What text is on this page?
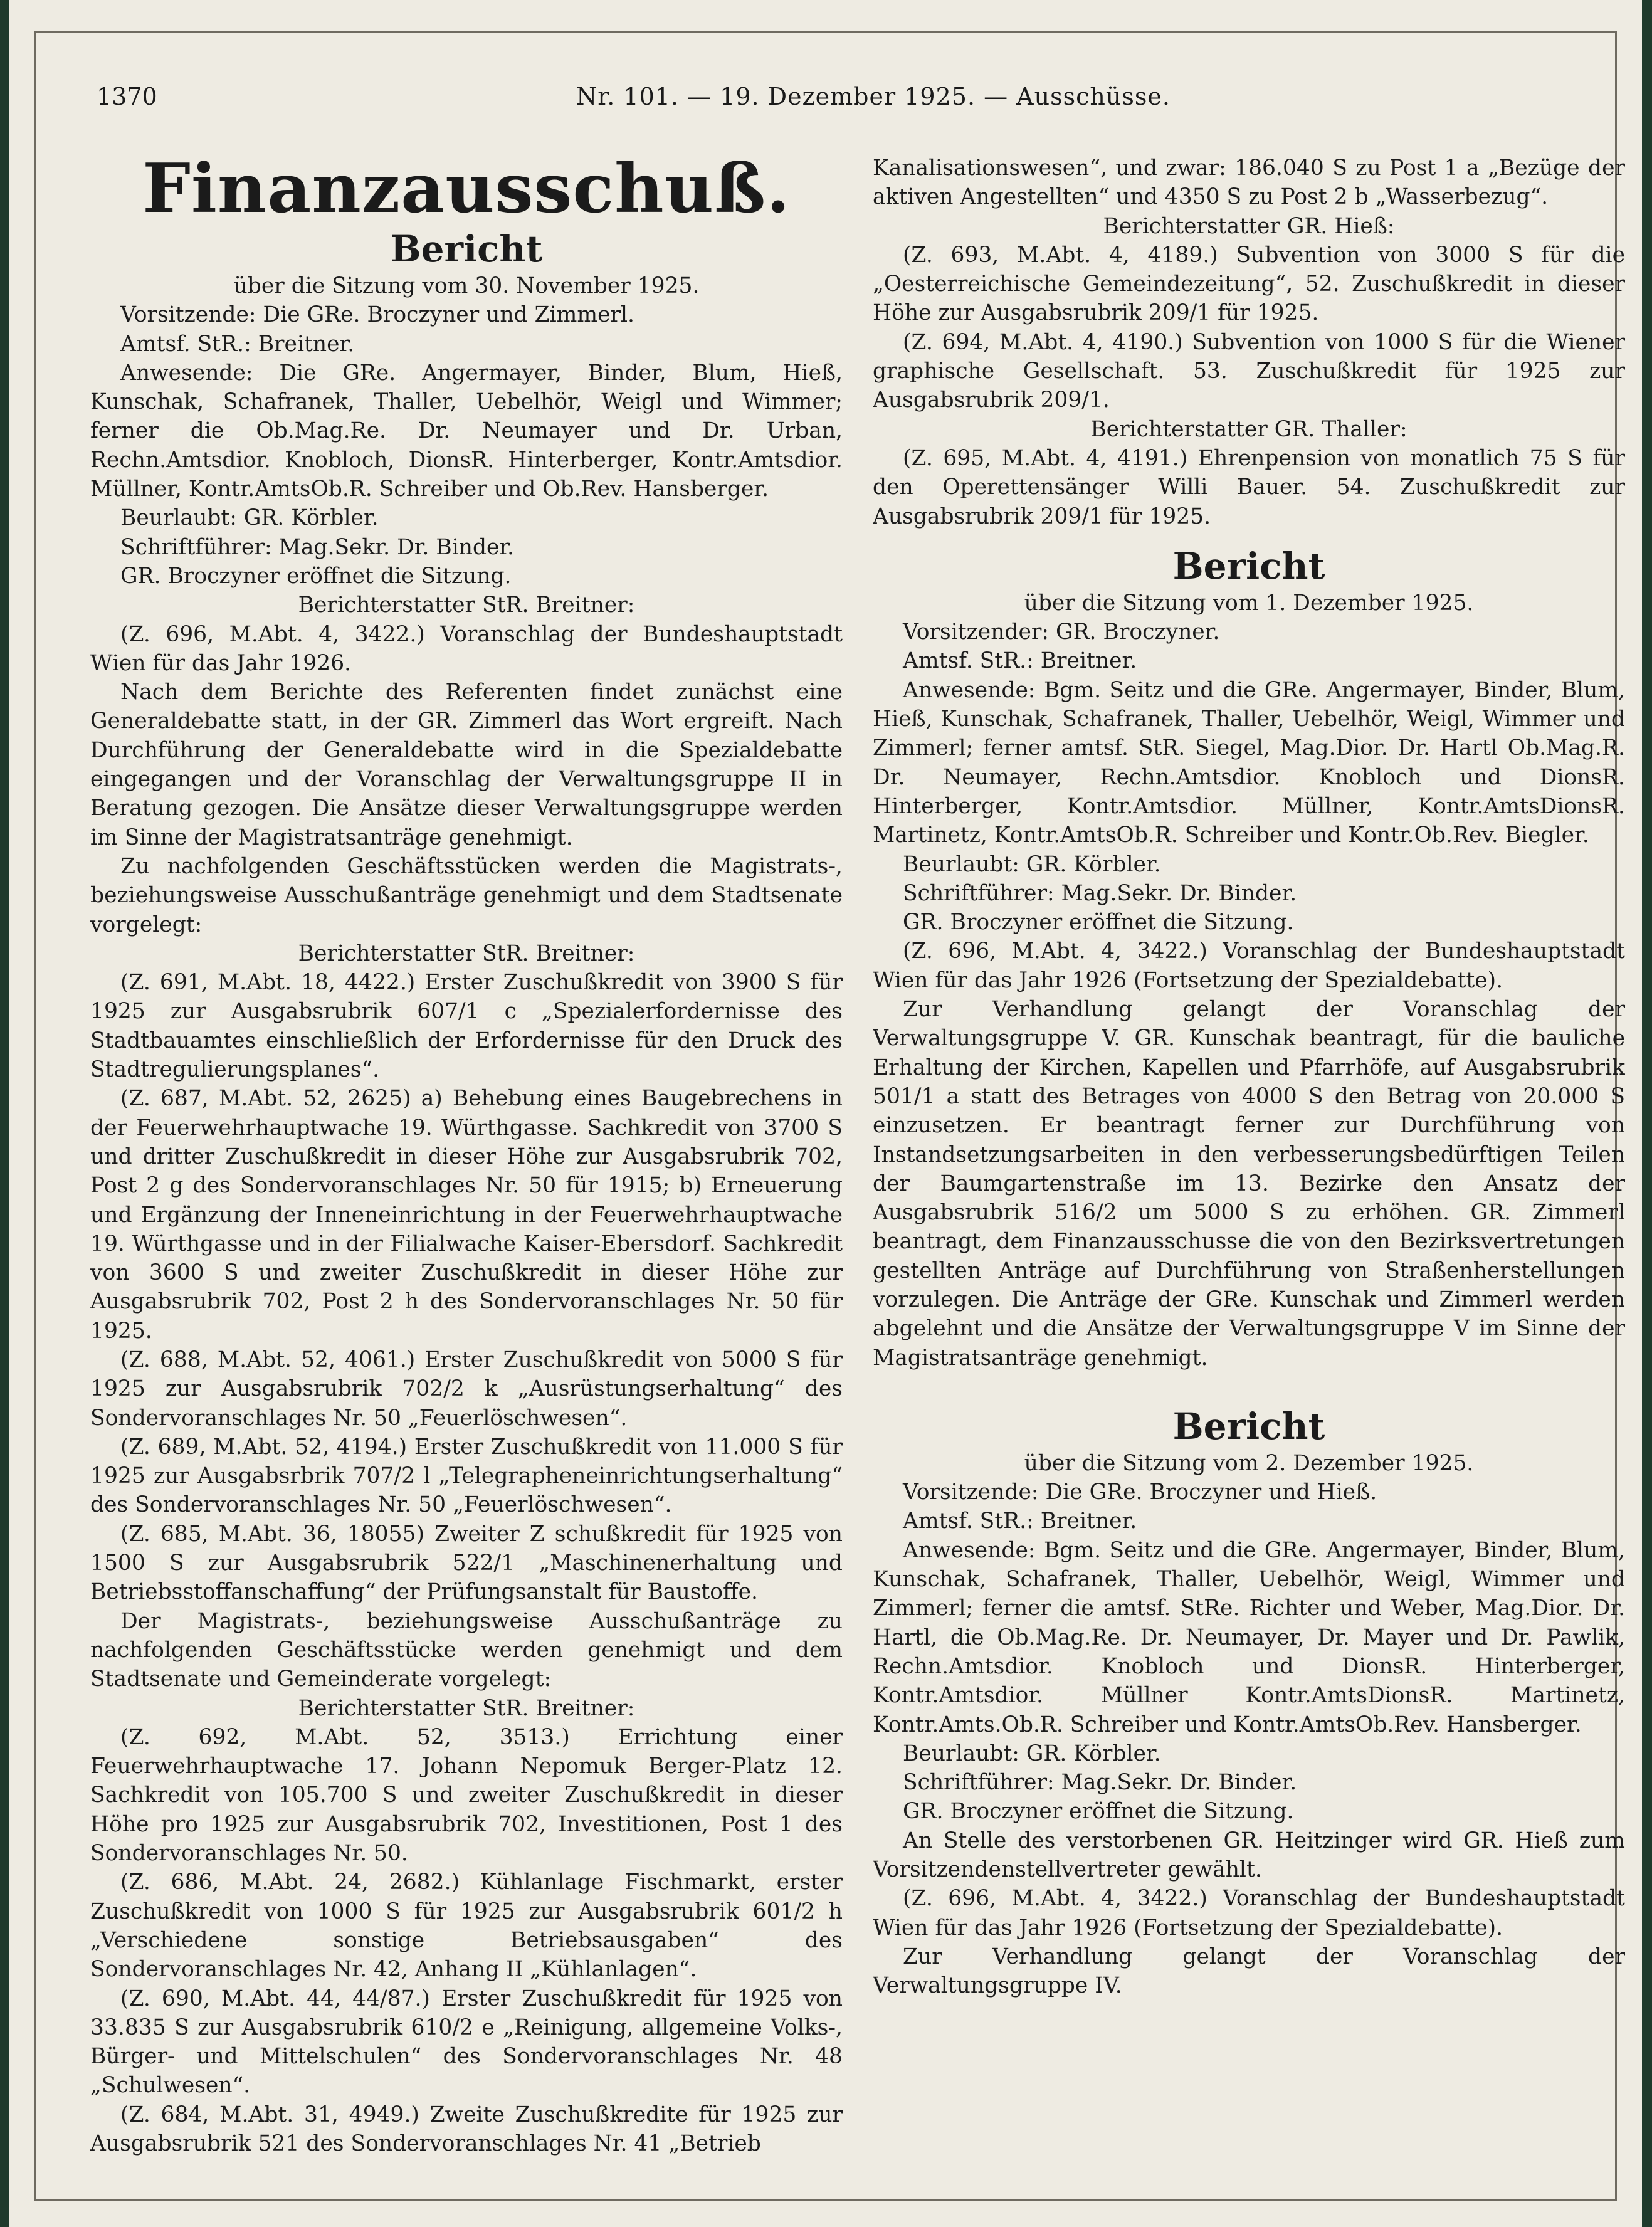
1370	Nr. 101. — 19. Dezember 1925. — Ausschüsse.
Finanzausschuß.
Bericht

über die Sitzung vom 30. November 1925.

Vorsitzende: Die GRe. Broczyner und Zimmerl.

Amtsf. StR.: Breitner.

Anwesende: Die GRe. Angermayer, Binder, Blum, Hieß, Kunschak, Schafranek, Thaller, Uebelhör, Weigl und Wimmer; ferner die Ob.Mag.Re. Dr. Neumayer und Dr. Urban, Rechn.Amtsdior. Knobloch, DionsR. Hinterberger, Kontr.Amtsdior. Müllner, Kontr.AmtsOb.R. Schreiber und Ob.Rev. Hansberger.

Beurlaubt: GR. Körbler.

Schriftführer: Mag.Sekr. Dr. Binder.

GR. Broczyner eröffnet die Sitzung.

Berichterstatter StR. Breitner:

(Z. 696, M.Abt. 4, 3422.) Voranschlag der Bundeshauptstadt Wien für das Jahr 1926.

Nach dem Berichte des Referenten findet zunächst eine Generaldebatte statt, in der GR. Zimmerl das Wort ergreift. Nach Durchführung der Generaldebatte wird in die Spezialdebatte eingegangen und der Voranschlag der Verwaltungsgruppe II in Beratung gezogen. Die Ansätze dieser Verwaltungsgruppe werden im Sinne der Magistratsanträge genehmigt.

Zu nachfolgenden Geschäftsstücken werden die Magistrats-, beziehungsweise Ausschußanträge genehmigt und dem Stadtsenate vorgelegt:

Berichterstatter StR. Breitner:

(Z. 691, M.Abt. 18, 4422.) Erster Zuschußkredit von 3900 S für 1925 zur Ausgabsrubrik 607/1 c „Spezialerfordernisse des Stadtbauamtes einschließlich der Erfordernisse für den Druck des Stadtregulierungsplanes“.

(Z. 687, M.Abt. 52, 2625) a) Behebung eines Baugebrechens in der Feuerwehrhauptwache 19. Würthgasse. Sachkredit von 3700 S und dritter Zuschußkredit in dieser Höhe zur Ausgabsrubrik 702, Post 2 g des Sondervoranschlages Nr. 50 für 1915; b) Erneuerung und Ergänzung der Inneneinrichtung in der Feuerwehrhauptwache 19. Würthgasse und in der Filialwache Kaiser-Ebersdorf. Sachkredit von 3600 S und zweiter Zuschußkredit in dieser Höhe zur Ausgabsrubrik 702, Post 2 h des Sondervoranschlages Nr. 50 für 1925.

(Z. 688, M.Abt. 52, 4061.) Erster Zuschußkredit von 5000 S für 1925 zur Ausgabsrubrik 702/2 k „Ausrüstungserhaltung“ des Sondervoranschlages Nr. 50 „Feuerlöschwesen“.

(Z. 689, M.Abt. 52, 4194.) Erster Zuschußkredit von 11.000 S für 1925 zur Ausgabsrbrik 707/2 l „Telegrapheneinrichtungserhaltung“ des Sondervoranschlages Nr. 50 „Feuerlöschwesen“.

(Z. 685, M.Abt. 36, 18055) Zweiter Z schußkredit für 1925 von 1500 S zur Ausgabsrubrik 522/1 „Maschinenerhaltung und Betriebsstoffanschaffung“ der Prüfungsanstalt für Baustoffe.

Der Magistrats-, beziehungsweise Ausschußanträge zu nachfolgenden Geschäftsstücke werden genehmigt und dem Stadtsenate und Gemeinderate vorgelegt:

Berichterstatter StR. Breitner:

(Z. 692, M.Abt. 52, 3513.) Errichtung einer Feuerwehrhauptwache 17. Johann Nepomuk Berger-Platz 12. Sachkredit von 105.700 S und zweiter Zuschußkredit in dieser Höhe pro 1925 zur Ausgabsrubrik 702, Investitionen, Post 1 des Sondervoranschlages Nr. 50.

(Z. 686, M.Abt. 24, 2682.) Kühlanlage Fischmarkt, erster Zuschußkredit von 1000 S für 1925 zur Ausgabsrubrik 601/2 h „Verschiedene sonstige Betriebsausgaben“ des Sondervoranschlages Nr. 42, Anhang II „Kühlanlagen“.

(Z. 690, M.Abt. 44, 44/87.) Erster Zuschußkredit für 1925 von 33.835 S zur Ausgabsrubrik 610/2 e „Reinigung, allgemeine Volks-, Bürger- und Mittelschulen“ des Sondervoranschlages Nr. 48 „Schulwesen“.

(Z. 684, M.Abt. 31, 4949.) Zweite Zuschußkredite für 1925 zur Ausgabsrubrik 521 des Sondervoranschlages Nr. 41 „Betrieb

Kanalisationswesen“, und zwar: 186.040 S zu Post 1 a „Bezüge der aktiven Angestellten“ und 4350 S zu Post 2 b „Wasserbezug“.

Berichterstatter GR. Hieß:

(Z. 693, M.Abt. 4, 4189.) Subvention von 3000 S für die „Oesterreichische Gemeindezeitung“, 52. Zuschußkredit in dieser Höhe zur Ausgabsrubrik 209/1 für 1925.

(Z. 694, M.Abt. 4, 4190.) Subvention von 1000 S für die Wiener graphische Gesellschaft. 53. Zuschußkredit für 1925 zur Ausgabsrubrik 209/1.

Berichterstatter GR. Thaller:

(Z. 695, M.Abt. 4, 4191.) Ehrenpension von monatlich 75 S für den Operettensänger Willi Bauer. 54. Zuschußkredit zur Ausgabsrubrik 209/1 für 1925.

Bericht

über die Sitzung vom 1. Dezember 1925.

Vorsitzender: GR. Broczyner.

Amtsf. StR.: Breitner.

Anwesende: Bgm. Seitz und die GRe. Angermayer, Binder, Blum, Hieß, Kunschak, Schafranek, Thaller, Uebelhör, Weigl, Wimmer und Zimmerl; ferner amtsf. StR. Siegel, Mag.Dior. Dr. Hartl Ob.Mag.R. Dr. Neumayer, Rechn.Amtsdior. Knobloch und DionsR. Hinterberger, Kontr.Amtsdior. Müllner, Kontr.AmtsDionsR. Martinetz, Kontr.AmtsOb.R. Schreiber und Kontr.Ob.Rev. Biegler.

Beurlaubt: GR. Körbler.

Schriftführer: Mag.Sekr. Dr. Binder.

GR. Broczyner eröffnet die Sitzung.

(Z. 696, M.Abt. 4, 3422.) Voranschlag der Bundeshauptstadt Wien für das Jahr 1926 (Fortsetzung der Spezialdebatte).

Zur Verhandlung gelangt der Voranschlag der Verwaltungsgruppe V. GR. Kunschak beantragt, für die bauliche Erhaltung der Kirchen, Kapellen und Pfarrhöfe, auf Ausgabsrubrik 501/1 a statt des Betrages von 4000 S den Betrag von 20.000 S einzusetzen. Er beantragt ferner zur Durchführung von Instandsetzungsarbeiten in den verbesserungsbedürftigen Teilen der Baumgartenstraße im 13. Bezirke den Ansatz der Ausgabsrubrik 516/2 um 5000 S zu erhöhen. GR. Zimmerl beantragt, dem Finanzausschusse die von den Bezirksvertretungen gestellten Anträge auf Durchführung von Straßenherstellungen vorzulegen. Die Anträge der GRe. Kunschak und Zimmerl werden abgelehnt und die Ansätze der Verwaltungsgruppe V im Sinne der Magistratsanträge genehmigt.

Bericht

über die Sitzung vom 2. Dezember 1925.

Vorsitzende: Die GRe. Broczyner und Hieß.

Amtsf. StR.: Breitner.

Anwesende: Bgm. Seitz und die GRe. Angermayer, Binder, Blum, Kunschak, Schafranek, Thaller, Uebelhör, Weigl, Wimmer und Zimmerl; ferner die amtsf. StRe. Richter und Weber, Mag.Dior. Dr. Hartl, die Ob.Mag.Re. Dr. Neumayer, Dr. Mayer und Dr. Pawlik, Rechn.Amtsdior. Knobloch und DionsR. Hinterberger, Kontr.Amtsdior. Müllner Kontr.AmtsDionsR. Martinetz, Kontr.Amts.Ob.R. Schreiber und Kontr.AmtsOb.Rev. Hansberger.

Beurlaubt: GR. Körbler.

Schriftführer: Mag.Sekr. Dr. Binder.

GR. Broczyner eröffnet die Sitzung.

An Stelle des verstorbenen GR. Heitzinger wird GR. Hieß zum Vorsitzendenstellvertreter gewählt.

(Z. 696, M.Abt. 4, 3422.) Voranschlag der Bundeshauptstadt Wien für das Jahr 1926 (Fortsetzung der Spezialdebatte).

Zur Verhandlung gelangt der Voranschlag der Verwaltungsgruppe IV.
